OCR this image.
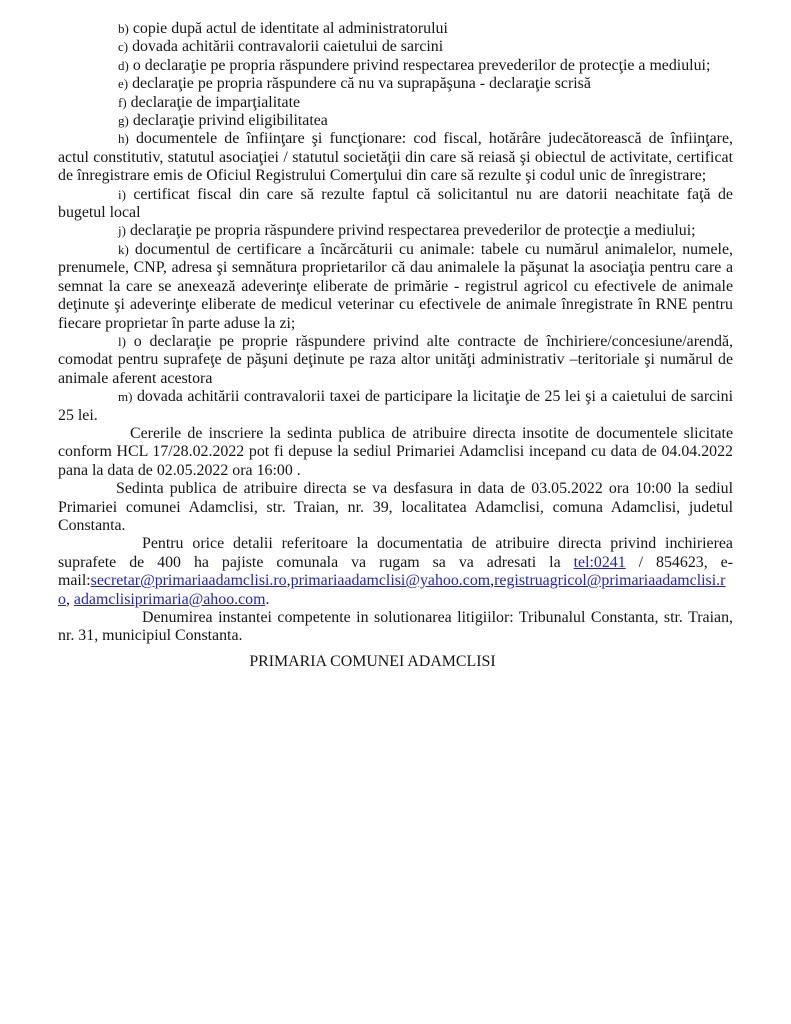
b) copie după actul de identitate al administratorului

c) dovada achitării contravalorii caietului de sarcini

d) o declaraţie pe propria răspundere privind respectarea prevederilor de protecţie a mediului;

e) declaraţie pe propria răspundere că nu va suprapăşuna - declaraţie scrisă

f) declaraţie de imparţialitate

g) declaraţie privind eligibilitatea

h) documentele de înfiinţare şi funcţionare: cod fiscal, hotărâre judecătorească de înfiinţare, actul constitutiv, statutul asociaţiei / statutul societăţii din care să reiasă şi obiectul de activitate, certificat de înregistrare emis de Oficiul Registrului Comerţului din care să rezulte şi codul unic de înregistrare;

i) certificat fiscal din care să rezulte faptul că solicitantul nu are datorii neachitate faţă de bugetul local

j) declaraţie pe propria răspundere privind respectarea prevederilor de protecţie a mediului;

k) documentul de certificare a încărcăturii cu animale: tabele cu numărul animalelor, numele, prenumele, CNP, adresa şi semnătura proprietarilor că dau animalele la păşunat la asociaţia pentru care a semnat la care se anexează adeverinţe eliberate de primărie - registrul agricol cu efectivele de animale deţinute şi adeverinţe eliberate de medicul veterinar cu efectivele de animale înregistrate în RNE pentru fiecare proprietar în parte aduse la zi;

l) o declaraţie pe proprie răspundere privind alte contracte de închiriere/concesiune/arendă, comodat pentru suprafeţe de păşuni deţinute pe raza altor unităţi administrativ –teritoriale şi numărul de animale aferent acestora

m) dovada achitării contravalorii taxei de participare la licitaţie de 25 lei şi a caietului de sarcini 25 lei.

Cererile de inscriere la sedinta publica de atribuire directa insotite de documentele slicitate conform HCL 17/28.02.2022 pot fi depuse la sediul Primariei Adamclisi incepand cu data de 04.04.2022 pana la data de 02.05.2022 ora 16:00 .

Sedinta publica de atribuire directa se va desfasura in data de 03.05.2022 ora 10:00 la sediul Primariei comunei Adamclisi, str. Traian, nr. 39, localitatea Adamclisi, comuna Adamclisi, judetul Constanta.

Pentru orice detalii referitoare la documentatia de atribuire directa privind inchirierea suprafete de 400 ha pajiste comunala va rugam sa va adresati la tel:0241 / 854623, e-mail:secretar@primariaadamclisi.ro,primariaadamclisi@yahoo.com,registruagricol@primariaadamclisi.ro, adamclisiprimaria@ahoo.com.

Denumirea instantei competente in solutionarea litigiilor: Tribunalul Constanta, str. Traian, nr. 31, municipiul Constanta.

PRIMARIA COMUNEI ADAMCLISI
